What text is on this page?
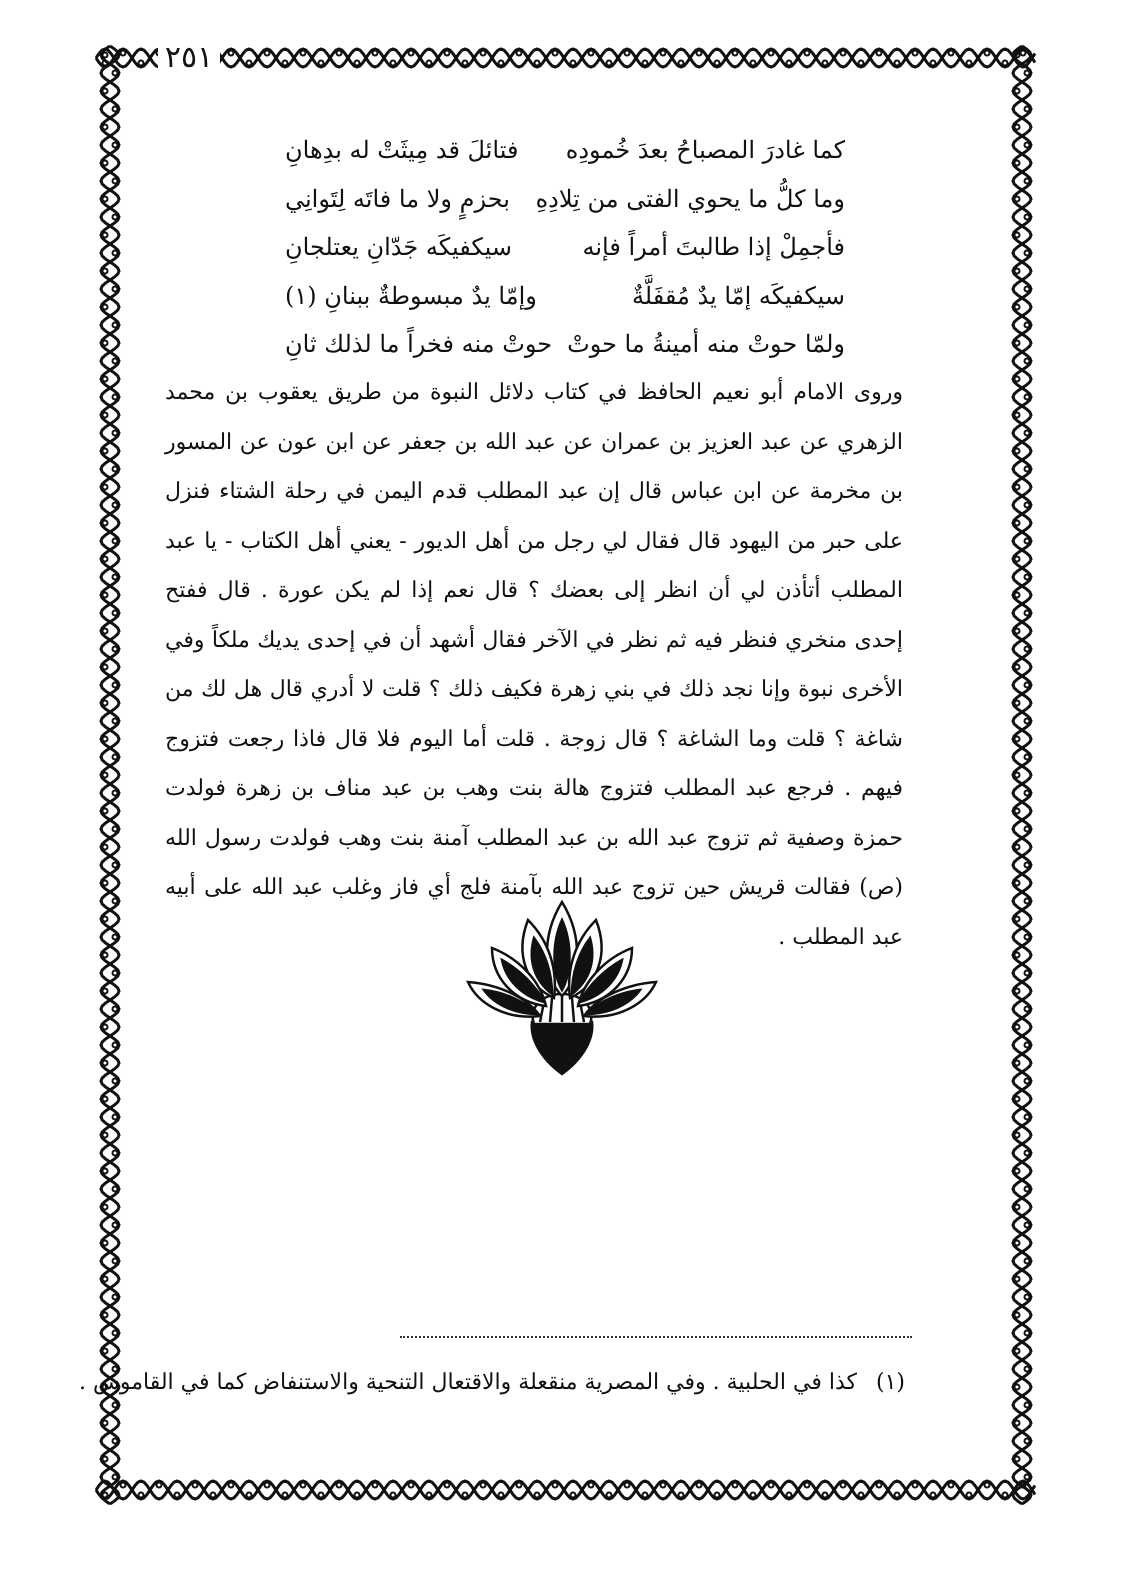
٢٥١
كما غادرَ المصباحُ بعدَ خُمودِه
فتائلَ قد مِيثَتْ له بدِهانِ
وما كلُّ ما يحوي الفتى من تِلادِهِ
بحزمٍ ولا ما فاتَه لِتَوانِي
فأجمِلْ إذا طالبتَ أمراً فإنه
سيكفيكَه جَدّانِ يعتلجانِ
سيكفيكَه إمّا يدٌ مُقفَلَّةٌ
وإمّا يدٌ مبسوطةٌ ببنانِ (١)
ولمّا حوتْ منه أمينةُ ما حوتْ
حوتْ منه فخراً ما لذلك ثانِ

وروى الامام أبو نعيم الحافظ في كتاب دلائل النبوة من طريق يعقوب بن محمد الزهري عن عبد العزيز بن عمران عن عبد الله بن جعفر عن ابن عون عن المسور بن مخرمة عن ابن عباس قال إن عبد المطلب قدم اليمن في رحلة الشتاء فنزل على حبر من اليهود قال فقال لي رجل من أهل الديور - يعني أهل الكتاب - يا عبد المطلب أتأذن لي أن انظر إلى بعضك ؟ قال نعم إذا لم يكن عورة . قال ففتح إحدى منخري فنظر فيه ثم نظر في الآخر فقال أشهد أن في إحدى يديك ملكاً وفي الأخرى نبوة وإنا نجد ذلك في بني زهرة فكيف ذلك ؟ قلت لا أدري قال هل لك من شاغة ؟ قلت وما الشاغة ؟ قال زوجة . قلت أما اليوم فلا قال فاذا رجعت فتزوج فيهم . فرجع عبد المطلب فتزوج هالة بنت وهب بن عبد مناف بن زهرة فولدت حمزة وصفية ثم تزوج عبد الله بن عبد المطلب آمنة بنت وهب فولدت رسول الله (ص) فقالت قريش حين تزوج عبد الله بآمنة فلج أي فاز وغلب عبد الله على أبيه عبد المطلب .

(١) كذا في الحلبية . وفي المصرية منقعلة والاقتعال التنحية والاستنفاض كما في القاموس .
